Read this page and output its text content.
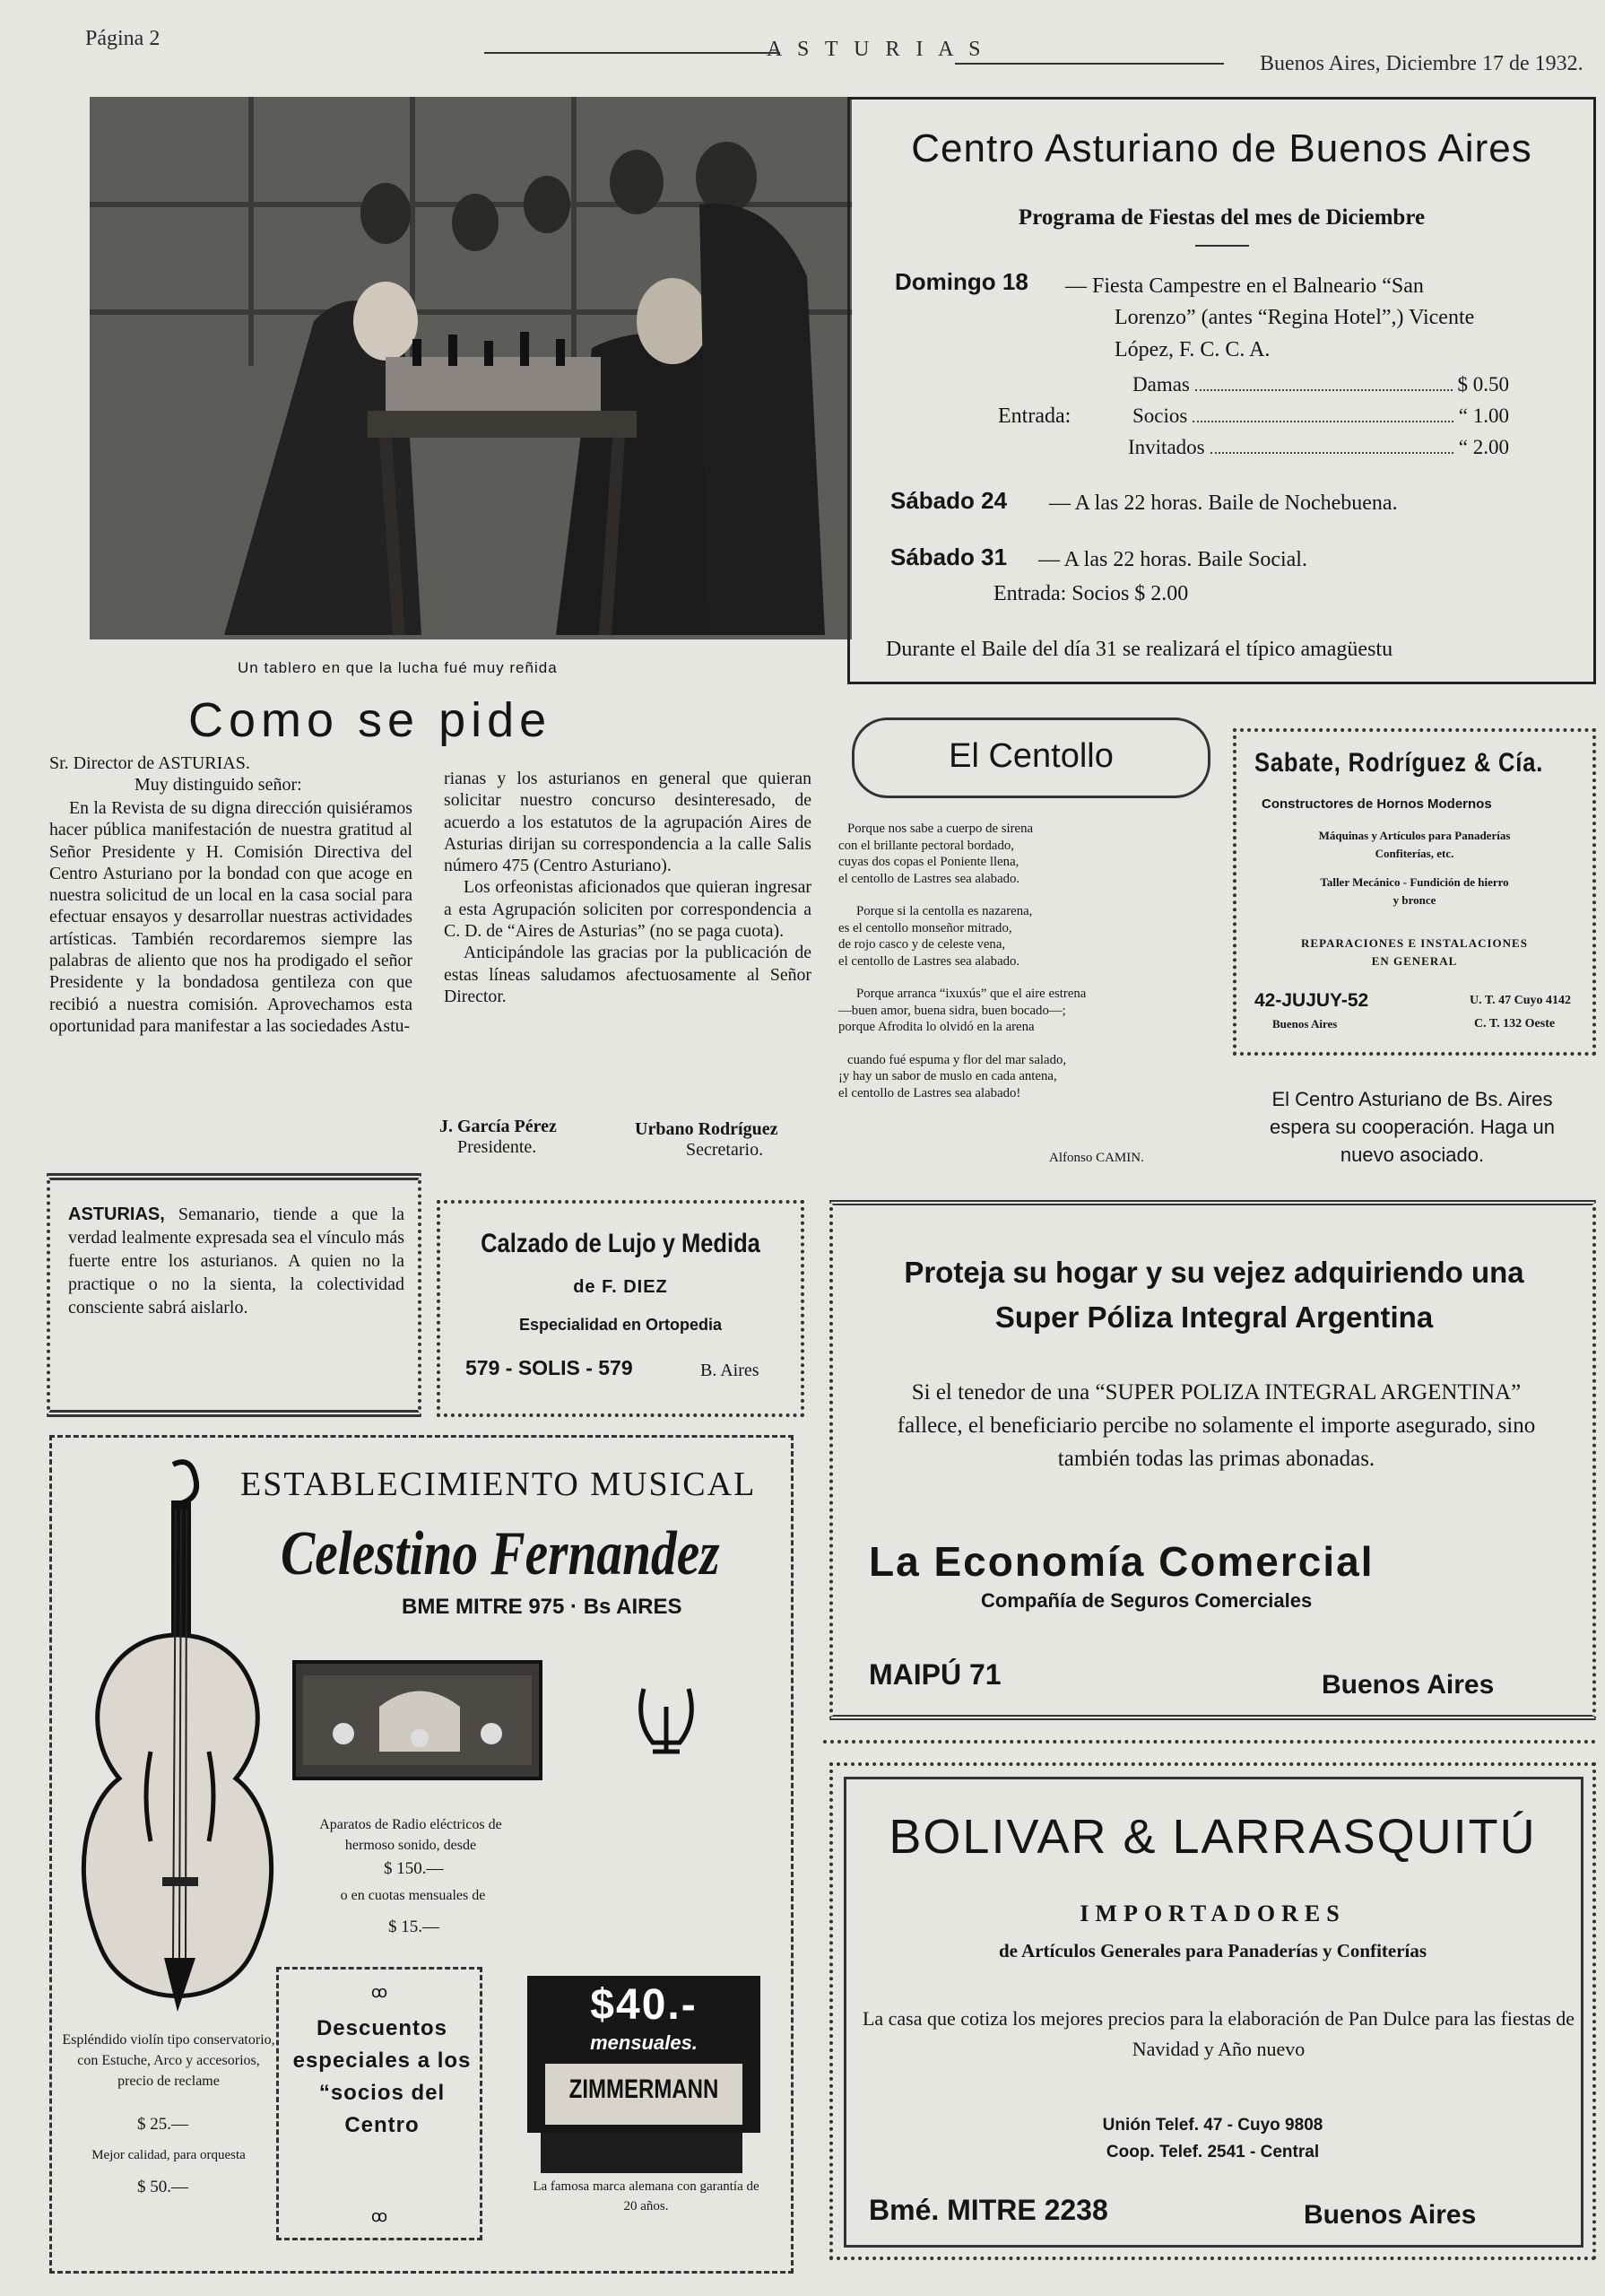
Página 2	A S T U R I A S
Buenos Aires, Diciembre 17 de 1932.
Un tablero en que la lucha fué muy reñida
Centro Asturiano de Buenos Aires
Programa de Fiestas del mes de Diciembre
Domingo 18 — Fiesta Campestre en el Balneario “San
Lorenzo” (antes “Regina Hotel”,) Vicente
López, F. C. C. A.
Entrada:
Damas	$ 0.50
Socios	“ 1.00
Invitados	“ 2.00
Sábado 24 — A las 22 horas. Baile de Nochebuena.
Sábado 31 — A las 22 horas. Baile Social.
Entrada: Socios $ 2.00
Durante el Baile del día 31 se realizará el típico amagüestu
Como se pide
Sr. Director de ASTURIAS.
Muy distinguido señor:
En la Revista de su digna dirección quisiéramos hacer pública manifestación de nuestra gratitud al Señor Presidente y H. Comisión Directiva del Centro Asturiano por la bondad con que acoge en nuestra solicitud de un local en la casa social para efectuar ensayos y desarrollar nuestras actividades artísticas. También recordaremos siempre las palabras de aliento que nos ha prodigado el señor Presidente y la bondadosa gentileza con que recibió a nuestra comisión. Aprovechamos esta oportunidad para manifestar a las sociedades Astu-

rianas y los asturianos en general que quieran solicitar nuestro concurso desinteresado, de acuerdo a los estatutos de la agrupación Aires de Asturias dirijan su correspondencia a la calle Salis número 475 (Centro Asturiano).

Los orfeonistas aficionados que quieran ingresar a esta Agrupación soliciten por correspondencia a C. D. de “Aires de Asturias” (no se paga cuota).

Anticipándole las gracias por la publicación de estas líneas saludamos afectuosamente al Señor Director.

J. García Pérez
Presidente.
Urbano Rodríguez
Secretario.
El Centollo
Porque nos sabe a cuerpo de sirena
con el brillante pectoral bordado,
cuyas dos copas el Poniente llena,
el centollo de Lastres sea alabado.
Porque si la centolla es nazarena,
es el centollo monseñor mitrado,
de rojo casco y de celeste vena,
el centollo de Lastres sea alabado.
Porque arranca “ixuxús” que el aire estrena
—buen amor, buena sidra, buen bocado—;
porque Afrodita lo olvidó en la arena
cuando fué espuma y flor del mar salado,
¡y hay un sabor de muslo en cada antena,
el centollo de Lastres sea alabado!
Alfonso CAMIN.
Sabate, Rodríguez & Cía.
Constructores de Hornos Modernos
Máquinas y Artículos para Panaderías
Confiterías, etc.
Taller Mecánico - Fundición de hierro
y bronce
REPARACIONES E INSTALACIONES
EN GENERAL
42-JUJUY-52
Buenos Aires
U. T. 47 Cuyo 4142
C. T. 132 Oeste
El Centro Asturiano de Bs. Aires
espera su cooperación. Haga un
nuevo asociado.
ASTURIAS, Semanario, tiende a que la verdad lealmente expresada sea el vínculo más fuerte entre los asturianos. A quien no la practique o no la sienta, la colectividad consciente sabrá aislarlo.
Calzado de Lujo y Medida
de F. DIEZ
Especialidad en Ortopedia
579 - SOLIS - 579	B. Aires
ESTABLECIMIENTO MUSICAL
Celestino Fernandez
BME MITRE 975 · Bs AIRES
Espléndido violín tipo conservatorio, con Estuche, Arco y accesorios, precio de reclame
$ 25.—
Mejor calidad, para orquesta
$ 50.—
Aparatos de Radio eléctricos de hermoso sonido, desde
$ 150.—
o en cuotas mensuales de
$ 15.—
ꝏ
Descuentos especiales a los “socios del Centro
ꝏ
$40.-
mensuales.
ZIMMERMANN
La famosa marca alemana con garantía de 20 años.
Proteja su hogar y su vejez adquiriendo una Super Póliza Integral Argentina
Si el tenedor de una “SUPER POLIZA INTEGRAL ARGENTINA” fallece, el beneficiario percibe no solamente el importe asegurado, sino también todas las primas abonadas.
La Economía Comercial
Compañía de Seguros Comerciales
MAIPÚ 71	Buenos Aires
BOLIVAR & LARRASQUITÚ
IMPORTADORES
de Artículos Generales para Panaderías y Confiterías
La casa que cotiza los mejores precios para la elaboración de Pan Dulce para las fiestas de Navidad y Año nuevo
Unión Telef. 47 - Cuyo 9808
Coop. Telef. 2541 - Central
Bmé. MITRE 2238	Buenos Aires
